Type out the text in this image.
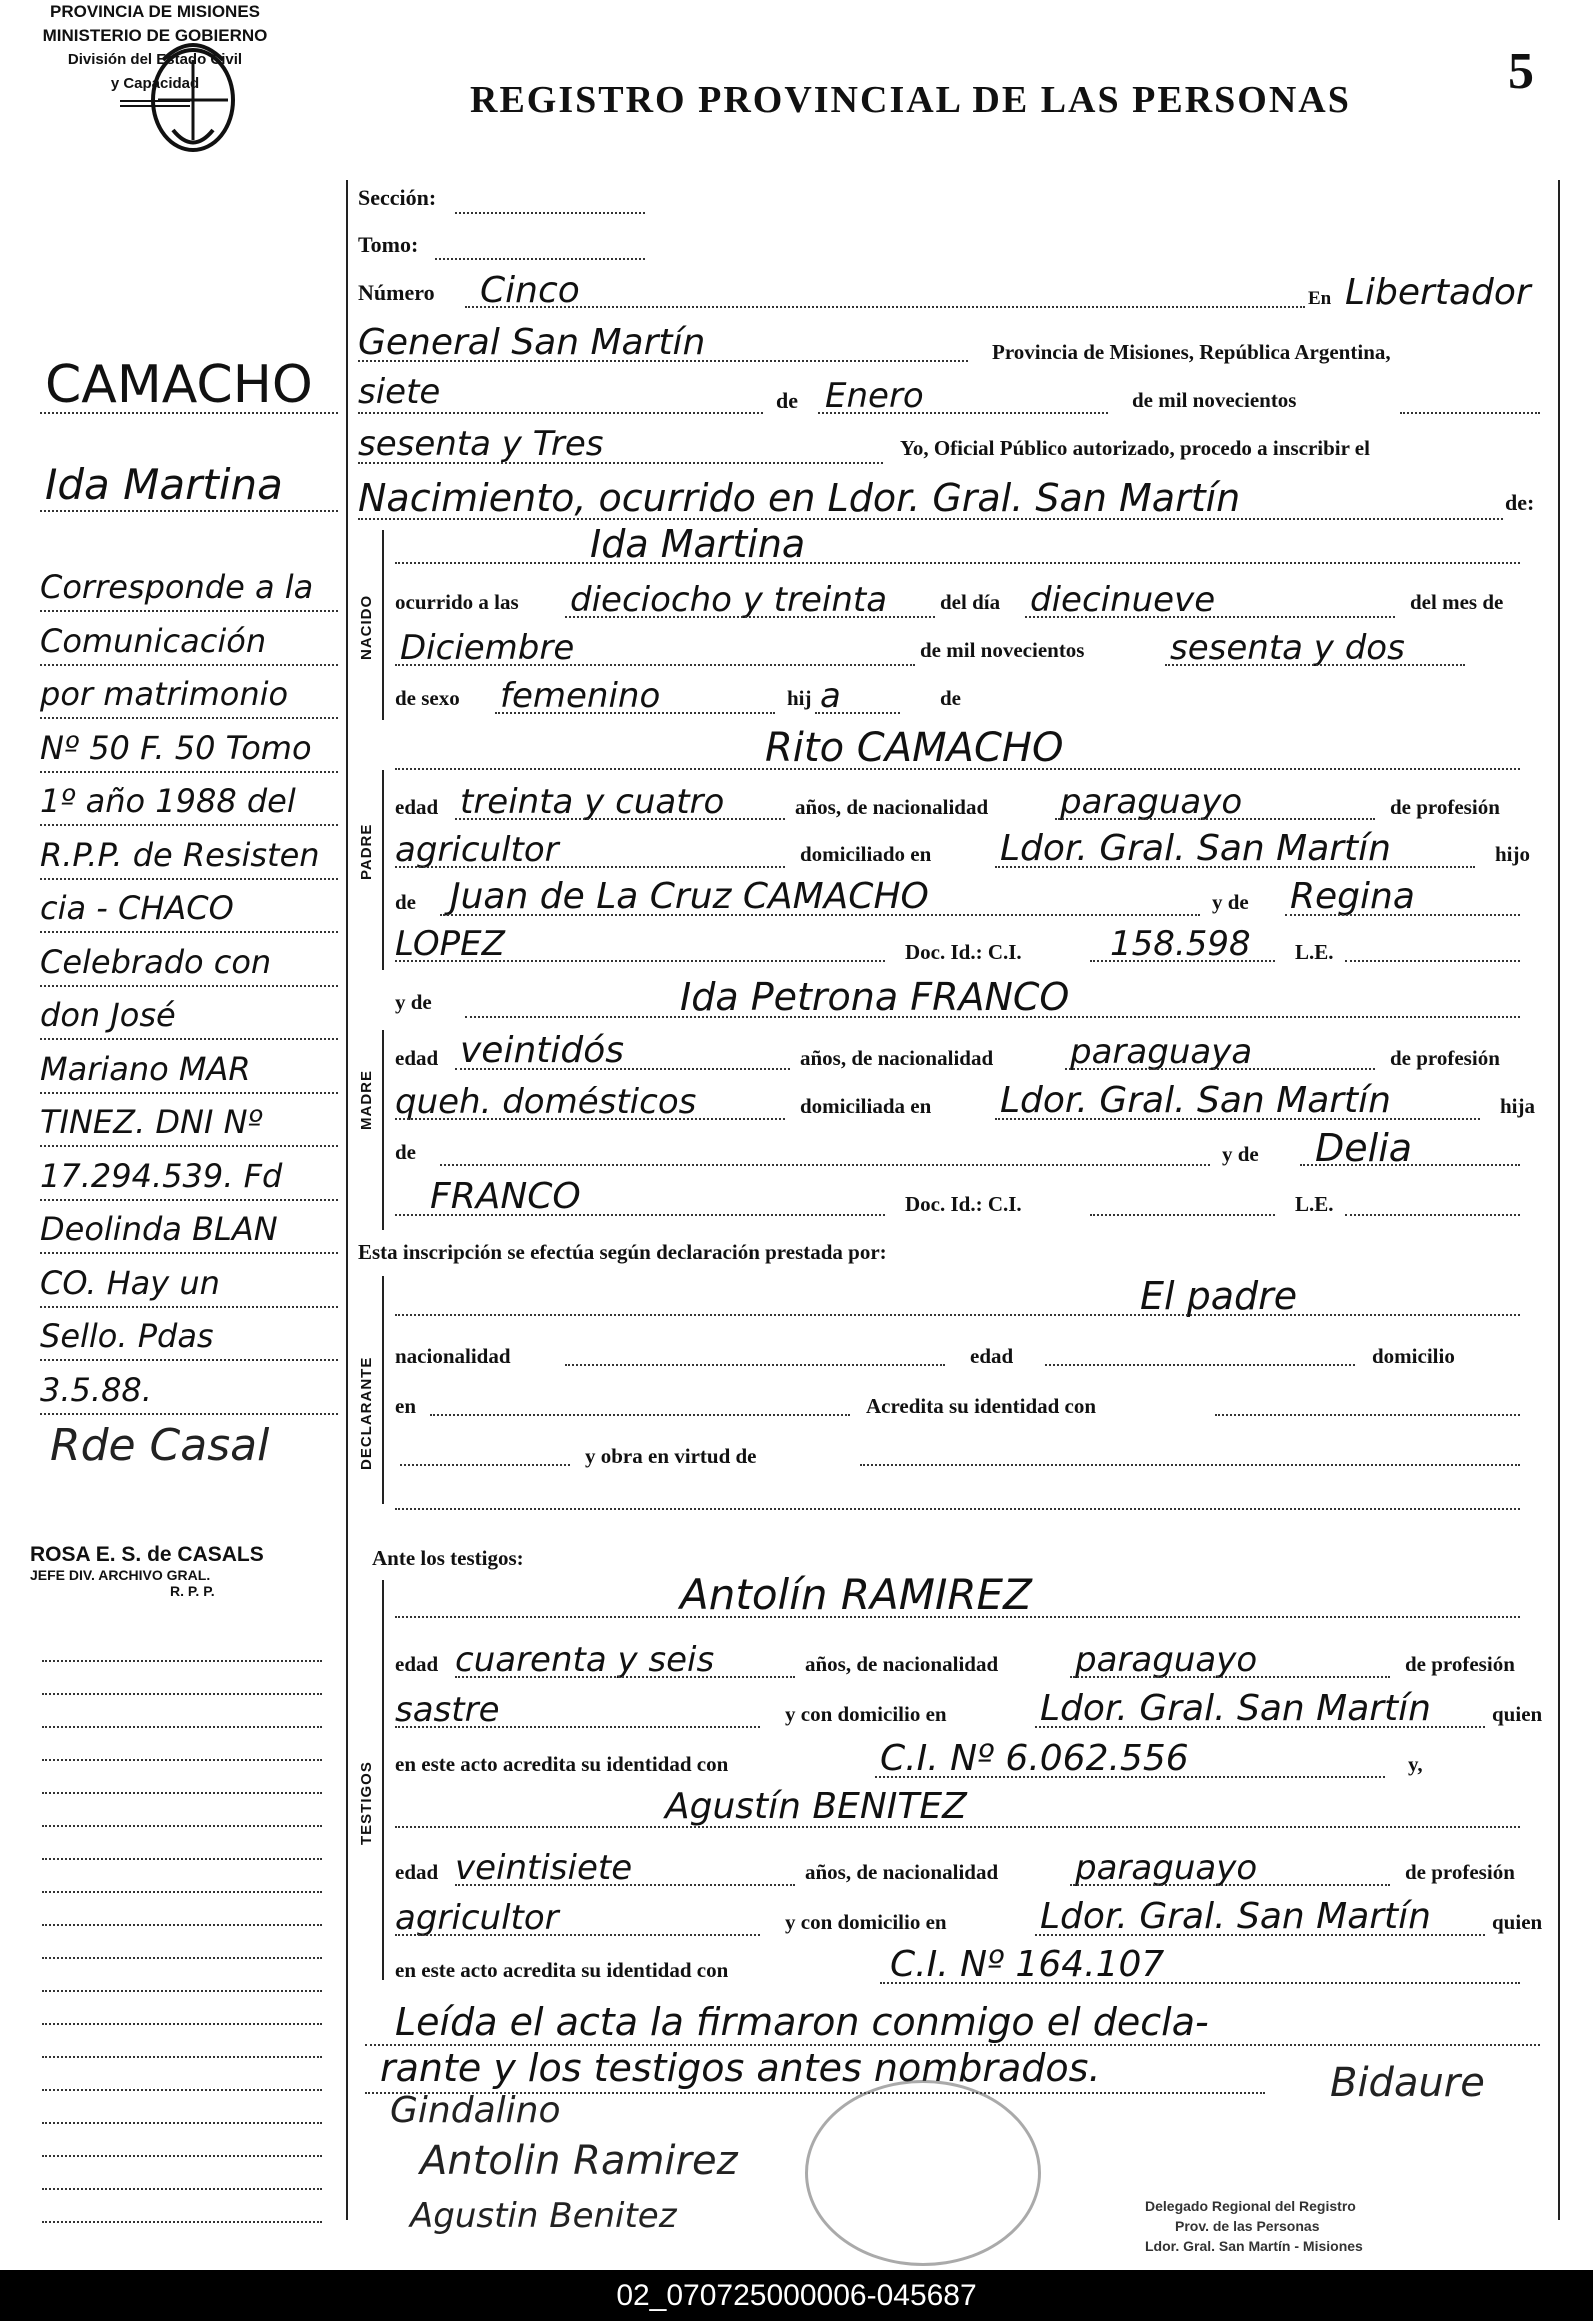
REGISTRO PROVINCIAL DE LAS PERSONAS	5
PROVINCIA DE MISIONES
MINISTERIO DE GOBIERNO
División del Estado Civil
y Capacidad
CAMACHO
Ida Martina
Rde Casal
ROSA E. S. de CASALS
JEFE DIV. ARCHIVO GRAL.
R. P. P.
Sección:
Tomo:
Número Cinco	En Libertador
General San Martín	Provincia de Misiones, República Argentina,
siete	de Enero	de mil novecientos
sesenta y Tres	Yo, Oficial Público autorizado, procedo a inscribir el
Nacimiento, ocurrido en Ldor. Gral. San Martín	de:
NACIDO
Ida Martina
ocurrido a las dieciocho y treinta	del día diecinueve	del mes de
Diciembre	de mil novecientos	sesenta y dos
de sexo femenino	hij a	de
PADRE
Rito CAMACHO
edad treinta y cuatro	años, de nacionalidad paraguayo	de profesión
agricultor	domiciliado en Ldor. Gral. San Martín	hijo
de Juan de La Cruz CAMACHO	y de Regina
LOPEZ	Doc. Id.: C.I.	158.598 L.E.
MADRE
y de	Ida Petrona FRANCO
edad veintidós	años, de nacionalidad paraguaya	de profesión
queh. domésticos	domiciliada en Ldor. Gral. San Martín	hija
de	y de Delia
FRANCO	Doc. Id.: C.I.	L.E.
Esta inscripción se efectúa según declaración prestada por:
DECLARANTE
El padre
nacionalidad	edad	domicilio
en	Acredita su identidad con
y obra en virtud de
Ante los testigos:
TESTIGOS
Antolín RAMIREZ
edad cuarenta y seis	años, de nacionalidad paraguayo	de profesión
sastre	y con domicilio en	Ldor. Gral. San Martín	quien
en este acto acredita su identidad con	C.I. Nº 6.062.556	y,
Agustín BENITEZ
edad veintisiete	años, de nacionalidad paraguayo	de profesión
agricultor	y con domicilio en	Ldor. Gral. San Martín	quien
en este acto acredita su identidad con	C.I. Nº 164.107
Leída el acta la firmaron conmigo el decla-
rante y los testigos antes nombrados.
Gindalino
Antolin Ramirez
Agustin Benitez
Bidaure
Delegado Regional del Registro
Prov. de las Personas
Ldor. Gral. San Martín - Misiones
02_070725000006-045687
Corresponde a la
Comunicación
por matrimonio
Nº 50 F. 50 Tomo
1º año 1988 del
R.P.P. de Resisten
cia - CHACO
Celebrado con
don José
Mariano MAR
TINEZ. DNI Nº
17.294.539. Fd
Deolinda BLAN
CO. Hay un
Sello. Pdas
3.5.88.
